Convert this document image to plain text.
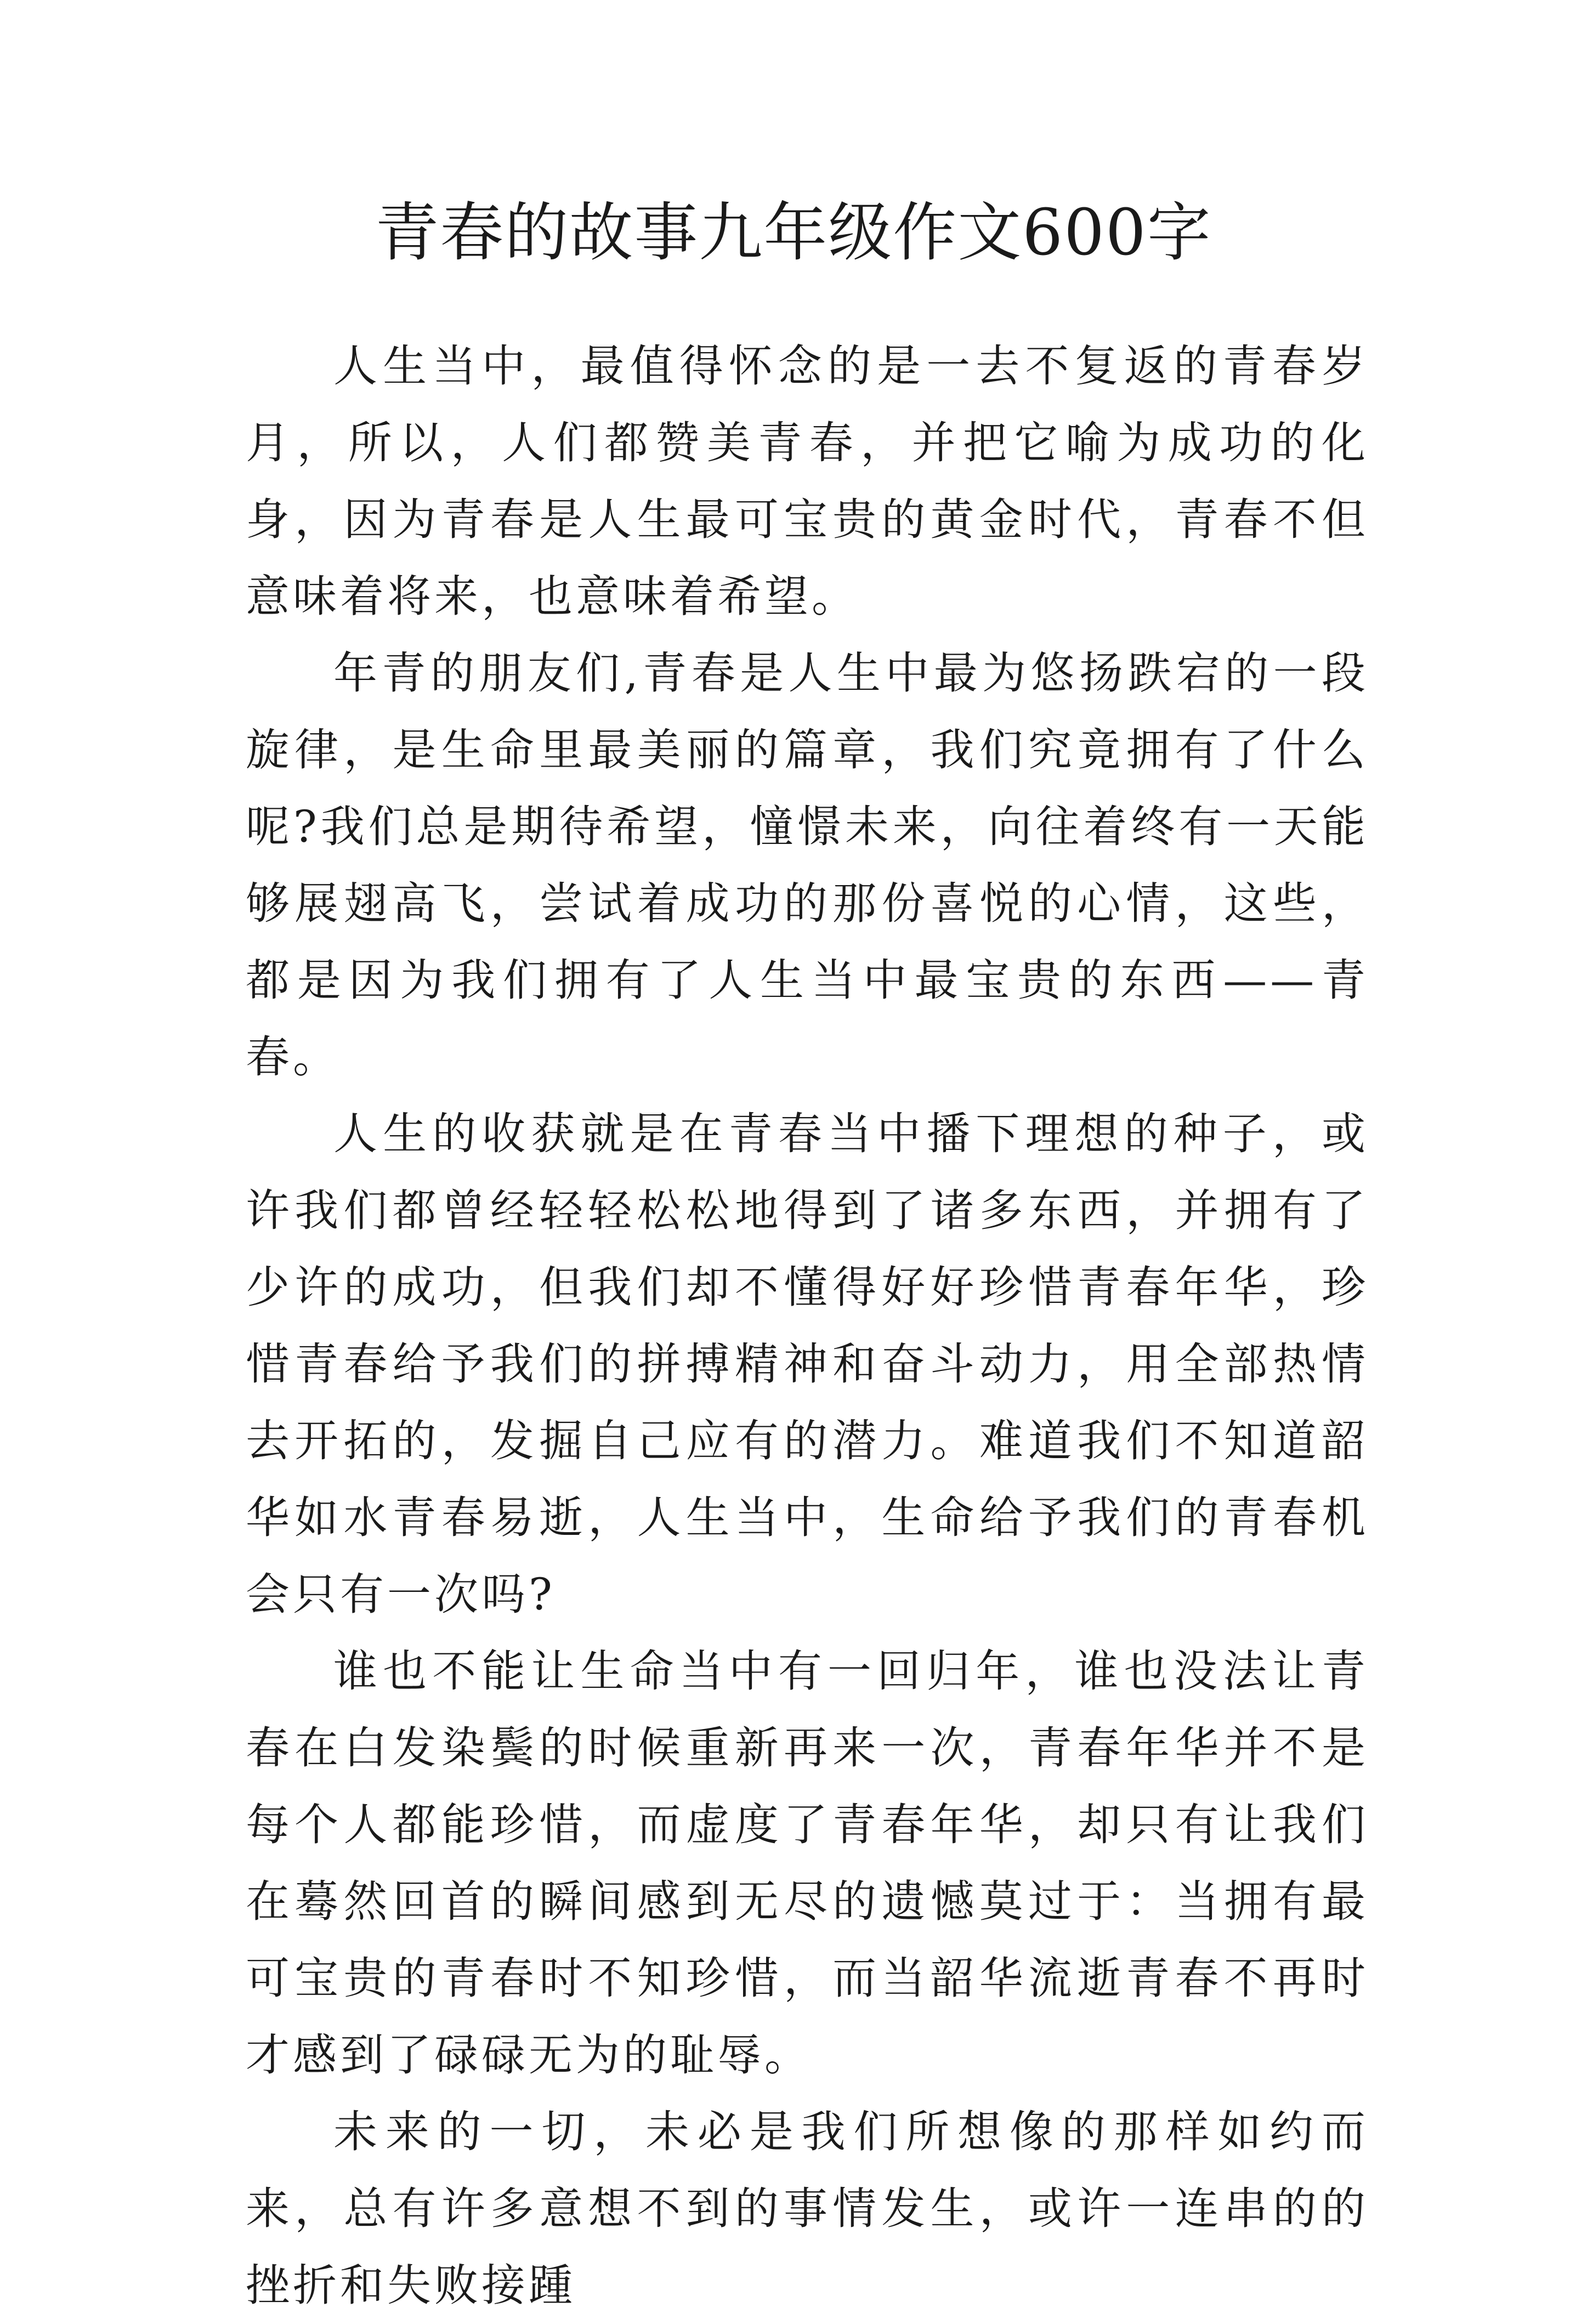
青春的故事九年级作文600字

人生当中，最值得怀念的是一去不复返的青春岁月，所以，人们都赞美青春，并把它喻为成功的化身，因为青春是人生最可宝贵的黄金时代，青春不但意味着将来，也意味着希望。

年青的朋友们,青春是人生中最为悠扬跌宕的一段旋律，是生命里最美丽的篇章，我们究竟拥有了什么呢?我们总是期待希望，憧憬未来，向往着终有一天能够展翅高飞，尝试着成功的那份喜悦的心情，这些，都是因为我们拥有了人生当中最宝贵的东西——青春。

人生的收获就是在青春当中播下理想的种子，或许我们都曾经轻轻松松地得到了诸多东西，并拥有了少许的成功，但我们却不懂得好好珍惜青春年华，珍惜青春给予我们的拼搏精神和奋斗动力，用全部热情去开拓的，发掘自己应有的潜力。难道我们不知道韶华如水青春易逝，人生当中，生命给予我们的青春机会只有一次吗?

谁也不能让生命当中有一回归年，谁也没法让青春在白发染鬓的时候重新再来一次，青春年华并不是每个人都能珍惜，而虚度了青春年华，却只有让我们在蓦然回首的瞬间感到无尽的遗憾莫过于：当拥有最可宝贵的青春时不知珍惜，而当韶华流逝青春不再时才感到了碌碌无为的耻辱。

未来的一切，未必是我们所想像的那样如约而来，总有许多意想不到的事情发生，或许一连串的的挫折和失败接踵
